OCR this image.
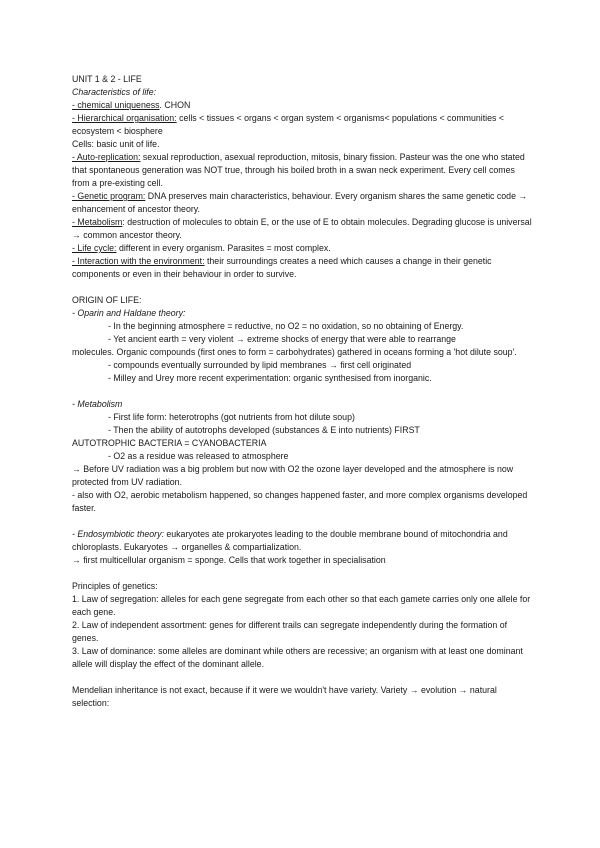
UNIT 1 & 2 - LIFE

Characteristics of life:

- chemical uniqueness. CHON

- Hierarchical organisation: cells < tissues < organs < organ system < organisms< populations < communities < ecosystem < biosphere

Cells: basic unit of life.

- Auto-replication: sexual reproduction, asexual reproduction, mitosis, binary fission. Pasteur was the one who stated that spontaneous generation was NOT true, through his boiled broth in a swan neck experiment. Every cell comes from a pre-existing cell.

- Genetic program: DNA preserves main characteristics, behaviour. Every organism shares the same genetic code → enhancement of ancestor theory.

- Metabolism: destruction of molecules to obtain E, or the use of E to obtain molecules. Degrading glucose is universal → common ancestor theory.

- Life cycle: different in every organism. Parasites = most complex.

- Interaction with the environment: their surroundings creates a need which causes a change in their genetic components or even in their behaviour in order to survive.

ORIGIN OF LIFE:

- Oparin and Haldane theory:

- In the beginning atmosphere = reductive, no O2 = no oxidation, so no obtaining of Energy.

- Yet ancient earth = very violent → extreme shocks of energy that were able to rearrange

molecules. Organic compounds (first ones to form = carbohydrates) gathered in oceans forming a 'hot dilute soup'.

- compounds eventually surrounded by lipid membranes → first cell originated

- Milley and Urey more recent experimentation: organic synthesised from inorganic.

- Metabolism

- First life form: heterotrophs (got nutrients from hot dilute soup)

- Then the ability of autotrophs developed (substances & E into nutrients) FIRST

AUTOTROPHIC BACTERIA = CYANOBACTERIA

- O2 as a residue was released to atmosphere

→ Before UV radiation was a big problem but now with O2 the ozone layer developed and the atmosphere is now protected from UV radiation.

- also with O2, aerobic metabolism happened, so changes happened faster, and more complex organisms developed faster.

- Endosymbiotic theory: eukaryotes ate prokaryotes leading to the double membrane bound of mitochondria and chloroplasts. Eukaryotes → organelles & compartialization.

→ first multicellular organism = sponge. Cells that work together in specialisation

Principles of genetics:

1. Law of segregation: alleles for each gene segregate from each other so that each gamete carries only one allele for each gene.

2. Law of independent assortment: genes for different trails can segregate independently during the formation of genes.

3. Law of dominance: some alleles are dominant while others are recessive; an organism with at least one dominant allele will display the effect of the dominant allele.

Mendelian inheritance is not exact, because if it were we wouldn't have variety. Variety → evolution → natural selection:
